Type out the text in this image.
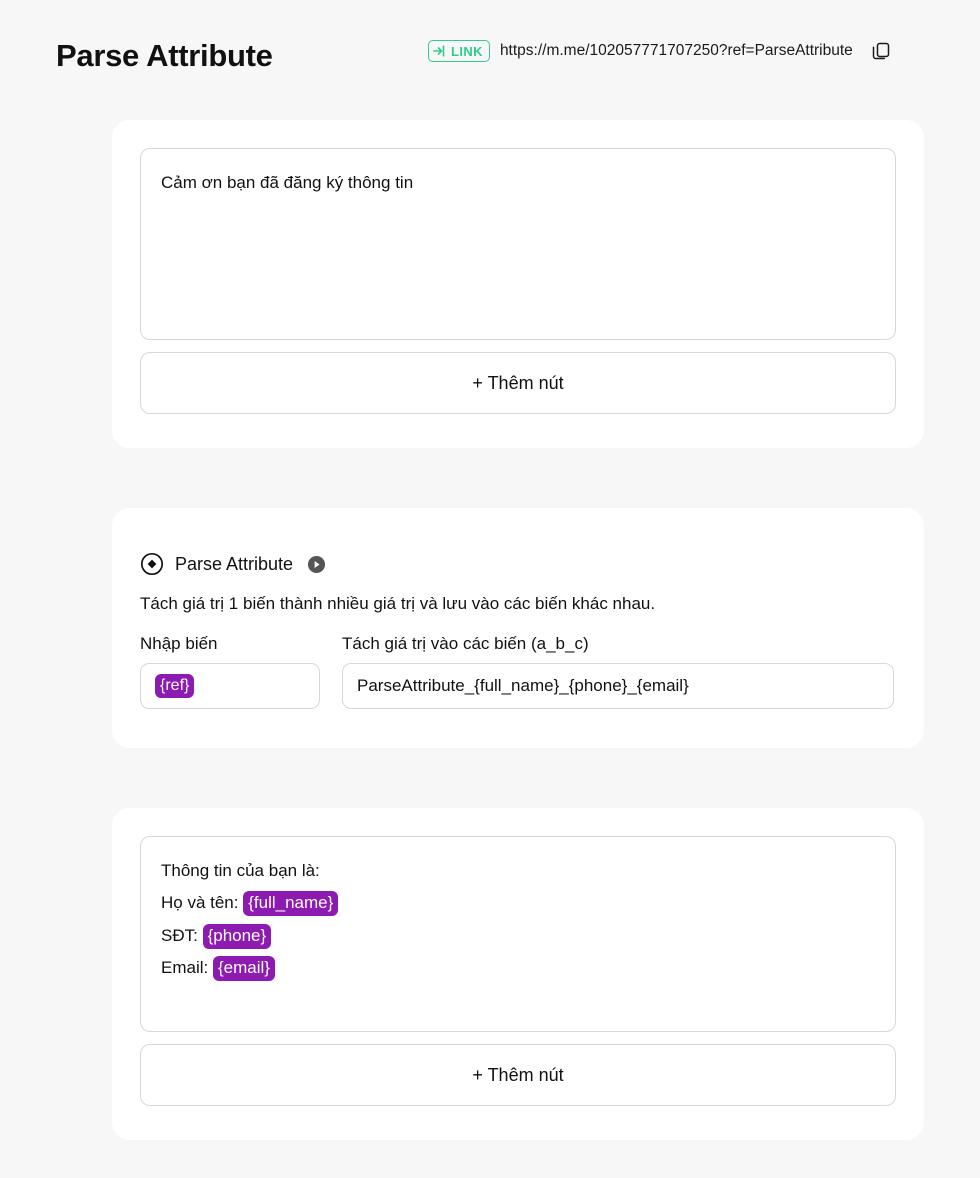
Parse Attribute	LINK https://m.me/102057771707250?ref=ParseAttribute
Cảm ơn bạn đã đăng ký thông tin
+ Thêm nút
Parse Attribute
Tách giá trị 1 biến thành nhiều giá trị và lưu vào các biến khác nhau.
Nhập biến
{ref}
Tách giá trị vào các biến (a_b_c)
ParseAttribute_{full_name}_{phone}_{email}
Thông tin của bạn là:
Họ và tên: {full_name}
SĐT: {phone}
Email: {email}
+ Thêm nút
